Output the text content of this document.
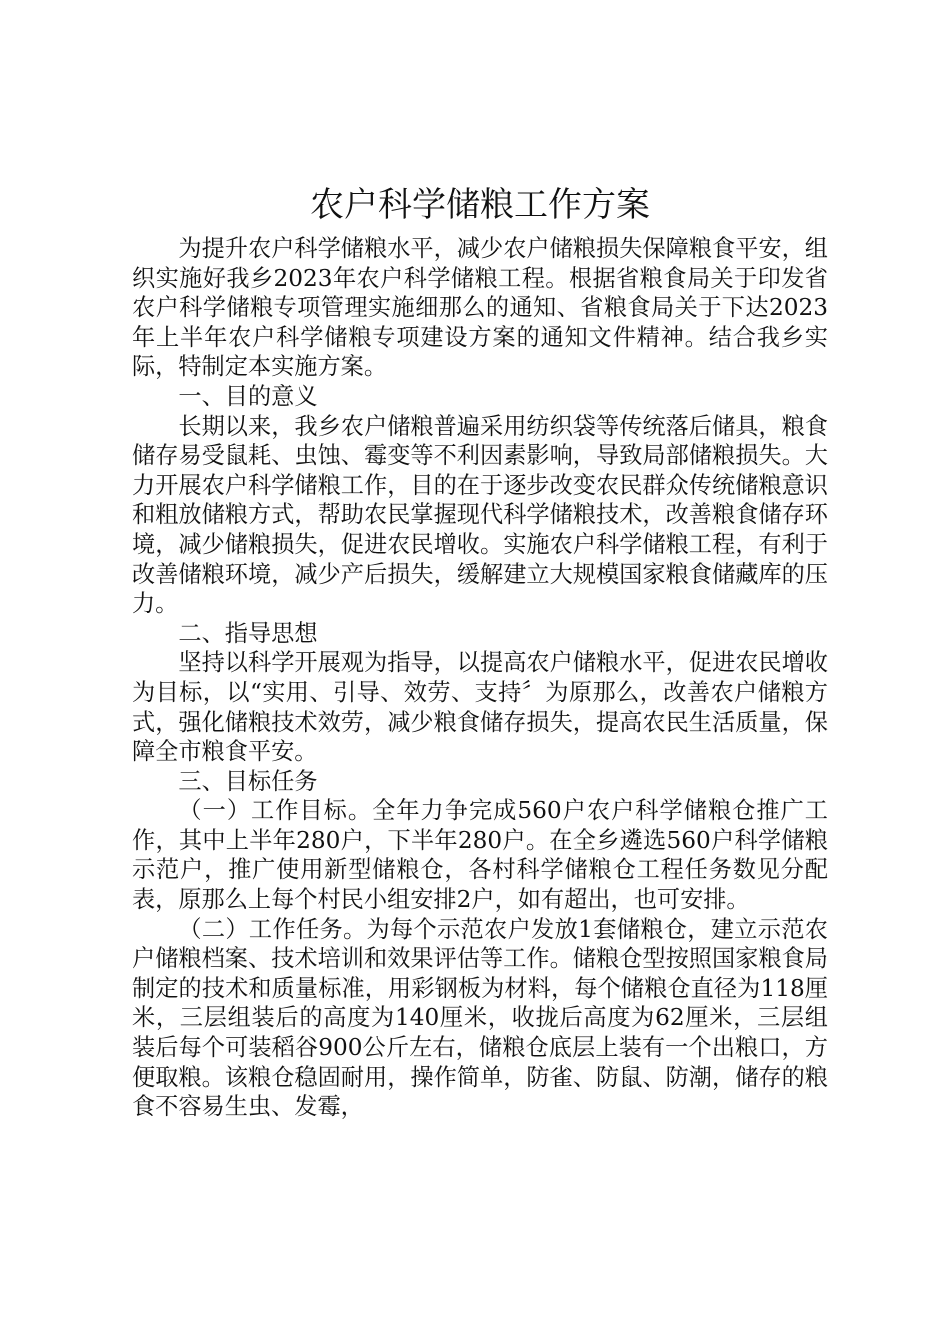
农户科学储粮工作方案

为提升农户科学储粮水平，减少农户储粮损失保障粮食平安，组织实施好我乡2023年农户科学储粮工程。根据省粮食局关于印发省农户科学储粮专项管理实施细那么的通知、省粮食局关于下达2023年上半年农户科学储粮专项建设方案的通知文件精神。结合我乡实际，特制定本实施方案。

一、目的意义

长期以来，我乡农户储粮普遍采用纺织袋等传统落后储具，粮食储存易受鼠耗、虫蚀、霉变等不利因素影响，导致局部储粮损失。大力开展农户科学储粮工作，目的在于逐步改变农民群众传统储粮意识和粗放储粮方式，帮助农民掌握现代科学储粮技术，改善粮食储存环境，减少储粮损失，促进农民增收。实施农户科学储粮工程，有利于改善储粮环境，减少产后损失，缓解建立大规模国家粮食储藏库的压力。

二、指导思想

坚持以科学开展观为指导，以提高农户储粮水平，促进农民增收为目标，以“实用、引导、效劳、支持〞为原那么，改善农户储粮方式，强化储粮技术效劳，减少粮食储存损失，提高农民生活质量，保障全市粮食平安。

三、目标任务

（一）工作目标。全年力争完成560户农户科学储粮仓推广工作，其中上半年280户，下半年280户。在全乡遴选560户科学储粮示范户，推广使用新型储粮仓，各村科学储粮仓工程任务数见分配表，原那么上每个村民小组安排2户，如有超出，也可安排。

（二）工作任务。为每个示范农户发放1套储粮仓，建立示范农户储粮档案、技术培训和效果评估等工作。储粮仓型按照国家粮食局制定的技术和质量标准，用彩钢板为材料，每个储粮仓直径为118厘米，三层组装后的高度为140厘米，收拢后高度为62厘米，三层组装后每个可装稻谷900公斤左右，储粮仓底层上装有一个出粮口，方便取粮。该粮仓稳固耐用，操作简单，防雀、防鼠、防潮，储存的粮食不容易生虫、发霉，
